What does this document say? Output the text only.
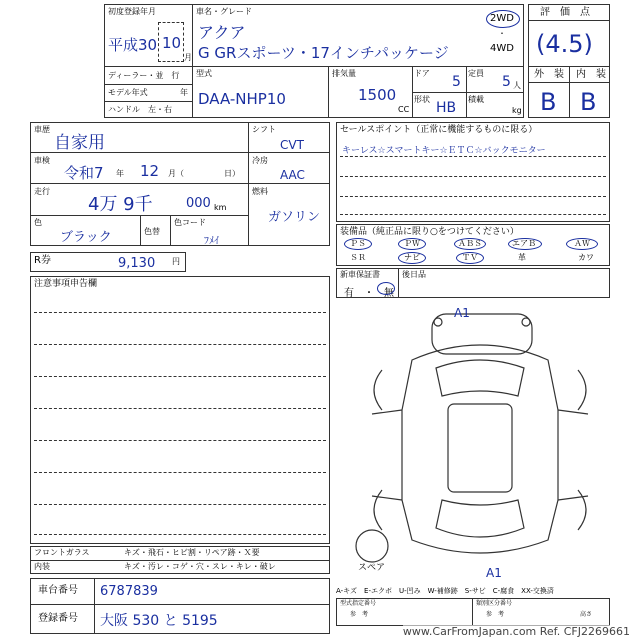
初度登録年月
平成30 10
月
車名・グレード
アクア
G GRスポーツ・17インチパッケージ
2WD
・
4WD
ディーラー・並　行
モデル年式	年
ハンドル　左・右
型式
DAA-NHP10
排気量
1500
CC
ドア
5
定員
5 人
形状
HB
積載
kg
評　価　点
(4.5)
外　装 内　装
B B
車歴
自家用
車検
令和7 年 12 月（	日）
走行
4万 9千	000 km
色
ブラック	色替
色コード
ﾌﾒｲ
シフト
CVT
冷房
AAC
燃料
ガソリン
R券	9,130 円
セールスポイント（正常に機能するものに限る）
キーレス☆スマートキー☆ＥＴＣ☆バックモニター
装備品（純正品に限り○をつけてください）
ＰＳ	ＰＷ	ＡＢＳ	エアＢ	ＡＷ
ＳＲ	ナビ	ＴＶ	革	カワ
新車保証書
有　・　無
後日品
注意事項申告欄
A1
A1
スペア
フロントガラス	キズ・飛石・ヒビ割・リペア跡・Ｘ要
内装	キズ・汚レ・コゲ・穴・スレ・キレ・破レ
車台番号 6787839
登録番号 大阪 530 と 5195
A-キズ　E-エクボ　U-凹み　W-補修跡　S-サビ　C-腐食　XX-交換済
型式指定番号
参　考
類別区分番号
参　考	高さ
www.CarFromJapan.com Ref. CFJ2269661
